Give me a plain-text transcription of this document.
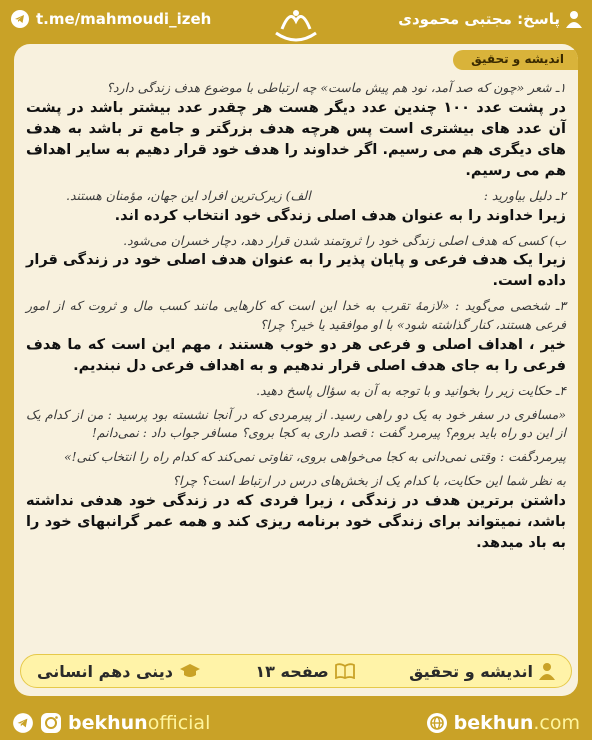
t.me/mahmoudi_izeh	پاسخ: مجتبی محمودی
اندیشه و تحقیق
۱ـ شعر «چون که صد آمد، نود هم پیش ماست» چه ارتباطی با موضوع هدف زندگی دارد؟
در پشت عدد ۱۰۰ چندین عدد دیگر هست هر چقدر عدد بیشتر باشد در پشت آن عدد های بیشتری است پس هرچه هدف بزرگتر و جامع تر باشد به هدف های دیگری هم می رسیم. اگر خداوند را هدف خود قرار دهیم به سایر اهداف هم می رسیم.
۲ـ دلیل بیاورید :
الف) زیرک‌ترین افراد این جهان، مؤمنان هستند.
زیرا خداوند را به عنوان هدف اصلی زندگی خود انتخاب کرده اند.
ب) کسی که هدف اصلی زندگی خود را ثروتمند شدن قرار دهد، دچار خسران می‌شود.
زیرا یک هدف فرعی و پایان پذیر را به عنوان هدف اصلی خود در زندگی قرار داده است.
۳ـ شخصی می‌گوید : «لازمهٔ تقرب به خدا این است که کارهایی مانند کسب مال و ثروت که از امور فرعی هستند، کنار گذاشته شود» با او موافقید یا خیر؟ چرا؟
خیر ، اهداف اصلی و فرعی هر دو خوب هستند ، مهم این است که ما هدف فرعی را به جای هدف اصلی قرار ندهیم و به اهداف فرعی دل نبندیم.
۴ـ حکایت زیر را بخوانید و با توجه به آن به سؤال پاسخ دهید.
«مسافری در سفر خود به یک دو راهی رسید. از پیرمردی که در آنجا نشسته بود پرسید : من از کدام یک از این دو راه باید بروم؟ پیرمرد گفت : قصد داری به کجا بروی؟ مسافر جواب داد : نمی‌دانم!
پیرمردگفت : وقتی نمی‌دانی به کجا می‌خواهی بروی، تفاوتی نمی‌کند که کدام راه را انتخاب کنی!»
به نظر شما این حکایت، با کدام یک از بخش‌های درس در ارتباط است؟ چرا؟
داشتن برترین هدف در زندگی ، زیرا فردی که در زندگی خود هدفی نداشته باشد، نمیتواند برای زندگی خود برنامه ریزی کند و همه عمر گرانبهای خود را به باد میدهد.
اندیشه و تحقیق
صفحه ۱۳
دینی دهم انسانی
bekhunofficial	bekhun.com
